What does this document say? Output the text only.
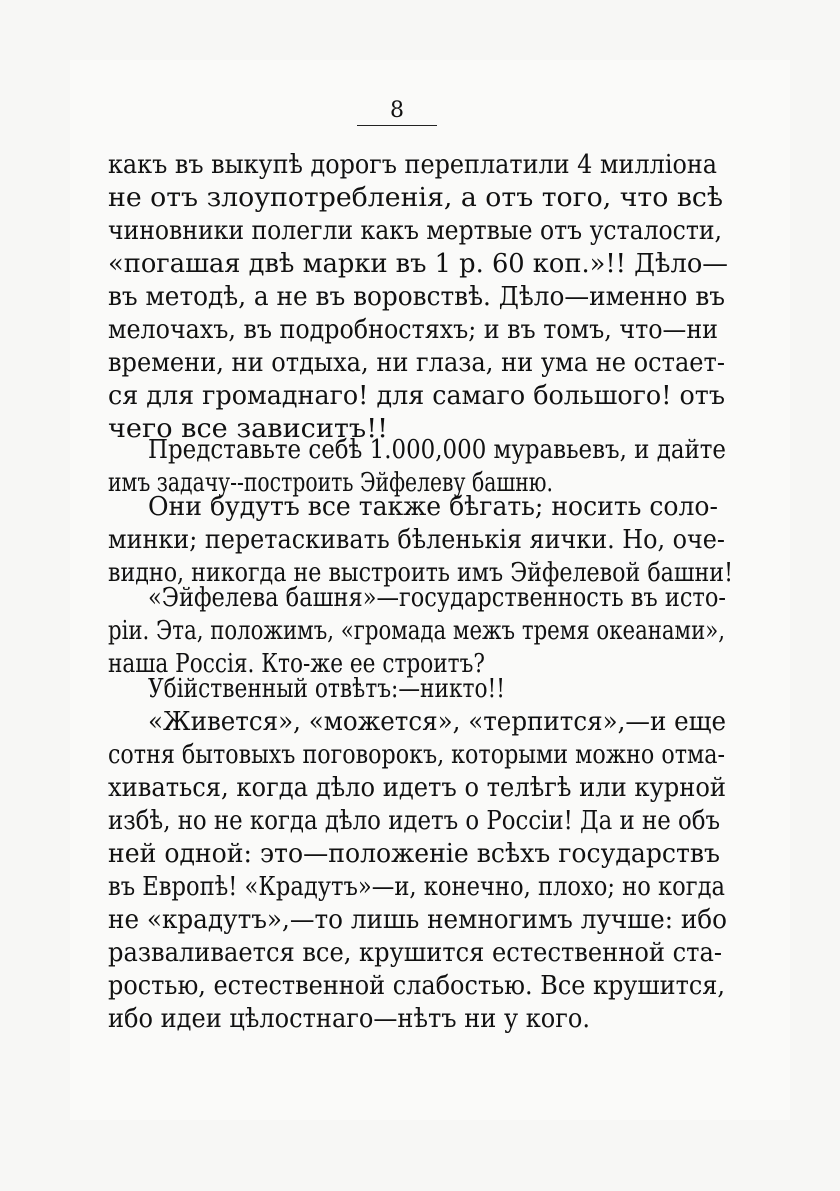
8
какъ въ выкупѣ дорогъ переплатили 4 милліона
не отъ злоупотребленія, а отъ того, что всѣ
чиновники полегли какъ мертвые отъ усталости,
«погашая двѣ марки въ 1 р. 60 коп.»!! Дѣло—
въ методѣ, а не въ воровствѣ. Дѣло—именно въ
мелочахъ, въ подробностяхъ; и въ томъ, что—ни
времени, ни отдыха, ни глаза, ни ума не остает-
ся для громаднаго! для самаго большого! отъ
чего все зависитъ!!
Представьте себѣ 1.000,000 муравьевъ, и дайте
имъ задачу--построить Эйфелеву башню.
Они будутъ все также бѣгать; носить соло-
минки; перетаскивать бѣленькія яички. Но, оче-
видно, никогда не выстроить имъ Эйфелевой башни!
«Эйфелева башня»—государственность въ исто-
ріи. Эта, положимъ, «громада межъ тремя океанами»,
наша Россія. Кто-же ее строитъ?
Убійственный отвѣтъ:—никто!!
«Живется», «можется», «терпится»,—и еще
сотня бытовыхъ поговорокъ, которыми можно отма-
хиваться, когда дѣло идетъ о телѣгѣ или курной
избѣ, но не когда дѣло идетъ о Россіи! Да и не объ
ней одной: это—положеніе всѣхъ государствъ
въ Европѣ! «Крадутъ»—и, конечно, плохо; но когда
не «крадутъ»,—то лишь немногимъ лучше: ибо
разваливается все, крушится естественной ста-
ростью, естественной слабостью. Все крушится,
ибо идеи цѣлостнаго—нѣтъ ни у кого.
